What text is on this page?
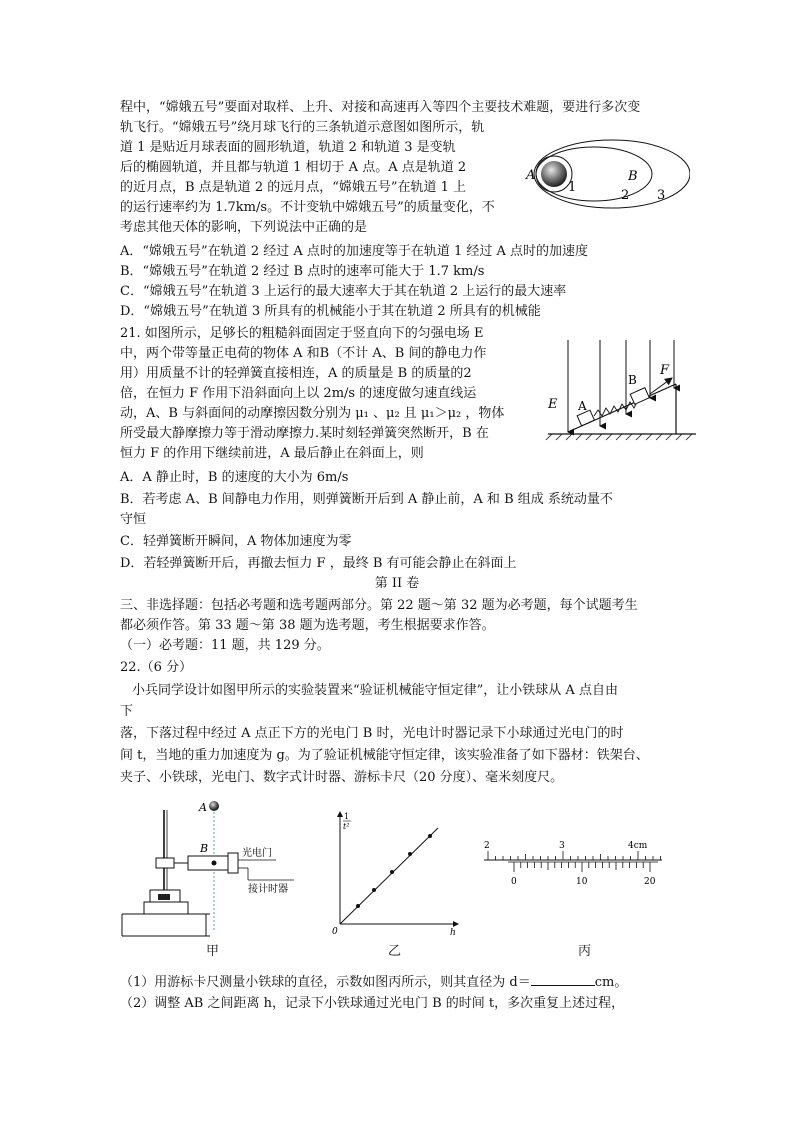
程中，“嫦娥五号”要面对取样、上升、对接和高速再入等四个主要技术难题，要进行多次变
轨飞行。“嫦娥五号”绕月球飞行的三条轨道示意图如图所示，轨
道 1 是贴近月球表面的圆形轨道，轨道 2 和轨道 3 是变轨
后的椭圆轨道，并且都与轨道 1 相切于 A 点。A 点是轨道 2
的近月点，B 点是轨道 2 的远月点，“嫦娥五号”在轨道 1 上
的运行速率约为 1.7km/s。不计变轨中嫦娥五号”的质量变化，不
考虑其他天体的影响，下列说法中正确的是
A	B
1
2 3
A．“嫦娥五号”在轨道 2 经过 A 点时的加速度等于在轨道 1 经过 A 点时的加速度
B．“嫦娥五号”在轨道 2 经过 B 点时的速率可能大于 1.7 km/s
C．“嫦娥五号”在轨道 3 上运行的最大速率大于其在轨道 2 上运行的最大速率
D．“嫦娥五号”在轨道 3 所具有的机械能小于其在轨道 2 所具有的机械能
21. 如图所示，足够长的粗糙斜面固定于竖直向下的匀强电场 E
中，两个带等量正电荷的物体 A 和B（不计 A、B 间的静电力作
用）用质量不计的轻弹簧直接相连，A 的质量是 B 的质量的2
倍，在恒力 F 作用下沿斜面向上以 2m/s 的速度做匀速直线运
动，A、B 与斜面间的动摩擦因数分别为 μ₁ 、μ₂ 且 μ₁＞μ₂ ，物体
所受最大静摩擦力等于滑动摩擦力.某时刻轻弹簧突然断开，B 在
恒力 F 的作用下继续前进，A 最后静止在斜面上，则
E A
B
F
A．A 静止时，B 的速度的大小为 6m/s
B．若考虑 A、B 间静电力作用，则弹簧断开后到 A 静止前，A 和 B 组成 系统动量不
守恒
C．轻弹簧断开瞬间，A 物体加速度为零
D．若轻弹簧断开后，再撤去恒力 F ，最终 B 有可能会静止在斜面上
第 II 卷
三、非选择题：包括必考题和选考题两部分。第 22 题～第 32 题为必考题，每个试题考生
都必须作答。第 33 题～第 38 题为选考题，考生根据要求作答。
（一）必考题：11 题，共 129 分。
22.（6 分）
小兵同学设计如图甲所示的实验装置来“验证机械能守恒定律”，让小铁球从 A 点自由
下
落，下落过程中经过 A 点正下方的光电门 B 时，光电计时器记录下小球通过光电门的时
间 t，当地的重力加速度为 g。为了验证机械能守恒定律，该实验准备了如下器材：铁架台、
夹子、小铁球，光电门、数字式计时器、游标卡尺（20 分度）、毫米刻度尺。
A
B	光电门
接计时器
甲
1
t²
0	h
乙
2	3	4cm
0	10	20
丙
（1）用游标卡尺测量小铁球的直径，示数如图丙所示，则其直径为 d＝	cm。
（2）调整 AB 之间距离 h，记录下小铁球通过光电门 B 的时间 t，多次重复上述过程，
